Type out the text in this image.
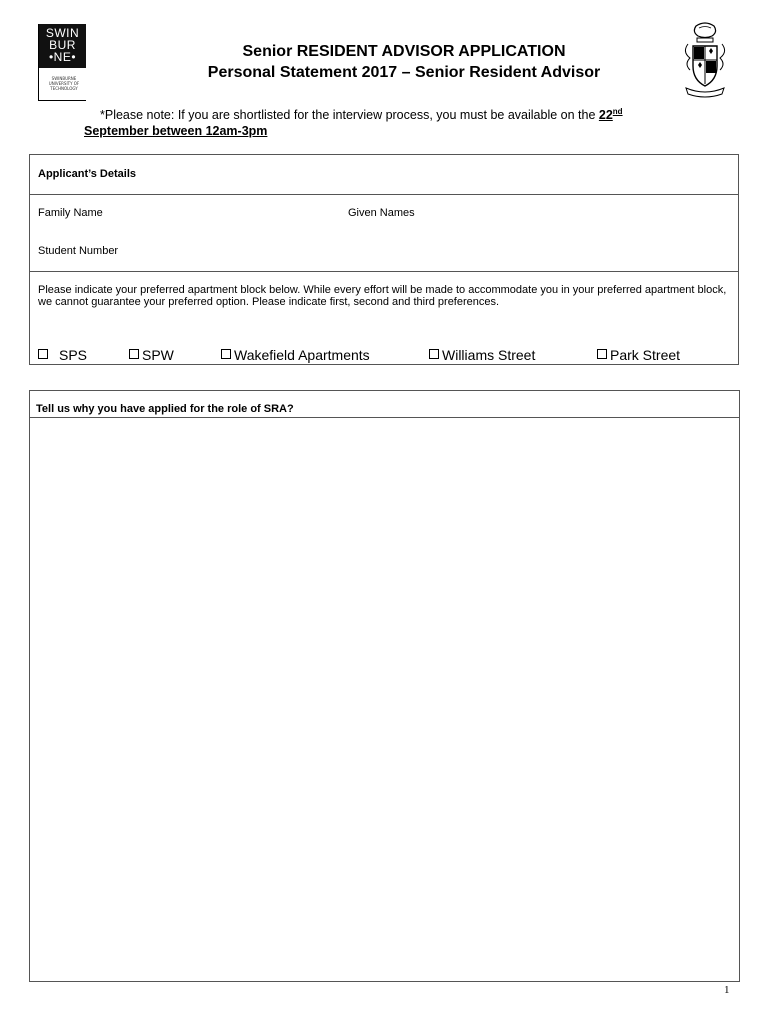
SWIN
BUR
•NE•
SWINBURNE UNIVERSITY OF TECHNOLOGY
Senior RESIDENT ADVISOR APPLICATION
Personal Statement 2017 – Senior Resident Advisor
*Please note: If you are shortlisted for the interview process, you must be available on the 22nd
September between 12am-3pm
Applicant’s Details
Family Name	Given Names
Student Number
Please indicate your preferred apartment block below. While every effort will be made to accommodate you in your preferred apartment block, we cannot guarantee your preferred option. Please indicate first, second and third preferences.
SPS	SPW	Wakefield Apartments	Williams Street	Park Street
Tell us why you have applied for the role of SRA?
1
